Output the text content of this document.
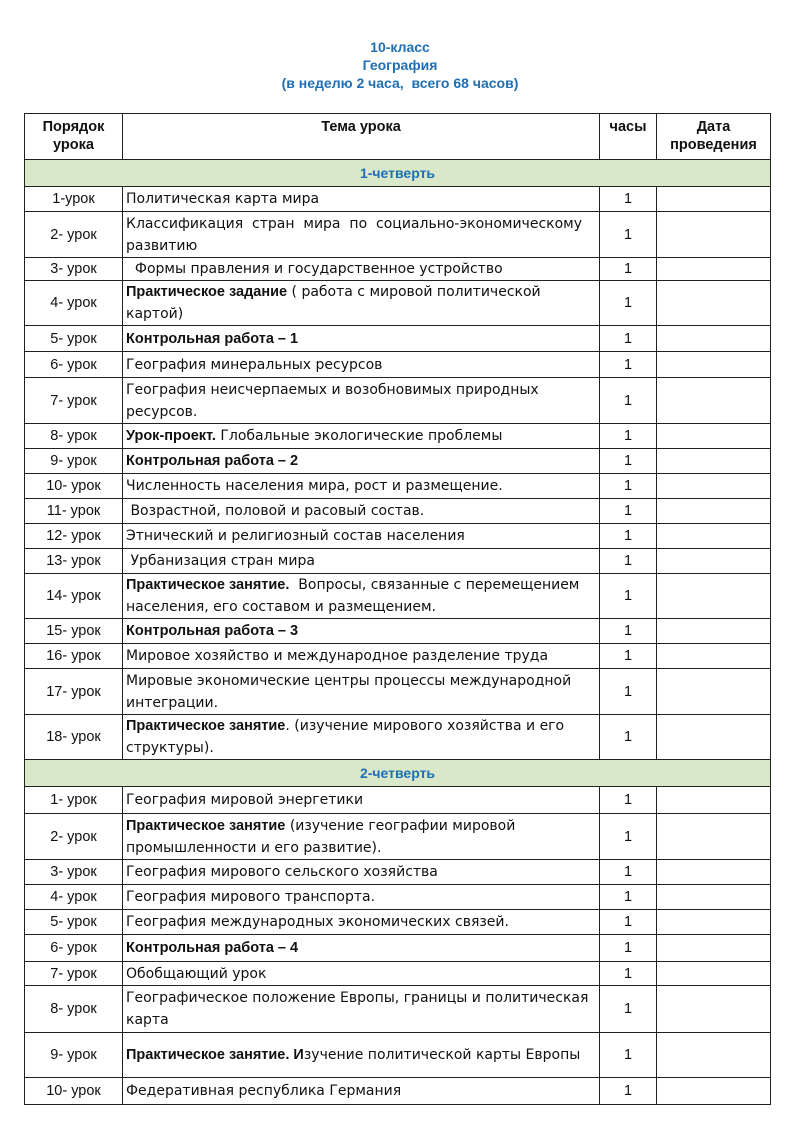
10-класс
География
(в неделю 2 часа,  всего 68 часов)
Порядок урока	Тема урока	часы	Дата проведения
1-четверть			
1-урок	Политическая карта мира	1	
2- урок	Классификация  стран  мира  по  социально-экономическому развитию	1	
3- урок	Формы правления и государственное устройство	1	
4- урок	Практическое задание ( работа с мировой политической картой)	1	
5- урок	Контрольная работа – 1	1	
6- урок	География минеральных ресурсов	1	
7- урок	География неисчерпаемых и возобновимых природных ресурсов.	1	
8- урок	Урок-проект. Глобальные экологические проблемы	1	
9- урок	Контрольная работа – 2	1	
10- урок	Численность населения мира, рост и размещение.	1	
11- урок	Возрастной, половой и расовый состав.	1	
12- урок	Этнический и религиозный состав населения	1	
13- урок	Урбанизация стран мира	1	
14- урок	Практическое занятие.  Вопросы, связанные с перемещением населения, его составом и размещением.	1	
15- урок	Контрольная работа – 3	1	
16- урок	Мировое хозяйство и международное разделение труда	1	
17- урок	Мировые экономические центры процессы международной интеграции.	1	
18- урок	Практическое занятие. (изучение мирового хозяйства и его структуры).	1	
2-четверть			
1- урок	География мировой энергетики	1	
2- урок	Практическое занятие (изучение географии мировой промышленности и его развитие).	1	
3- урок	География мирового сельского хозяйства	1	
4- урок	География мирового транспорта.	1	
5- урок	География международных экономических связей.	1	
6- урок	Контрольная работа – 4	1	
7- урок	Обобщающий урок	1	
8- урок	Географическое положение Европы, границы и политическая карта	1	
9- урок	Практическое занятие. Изучение политической карты Европы	1	
10- урок	Федеративная республика Германия	1	
